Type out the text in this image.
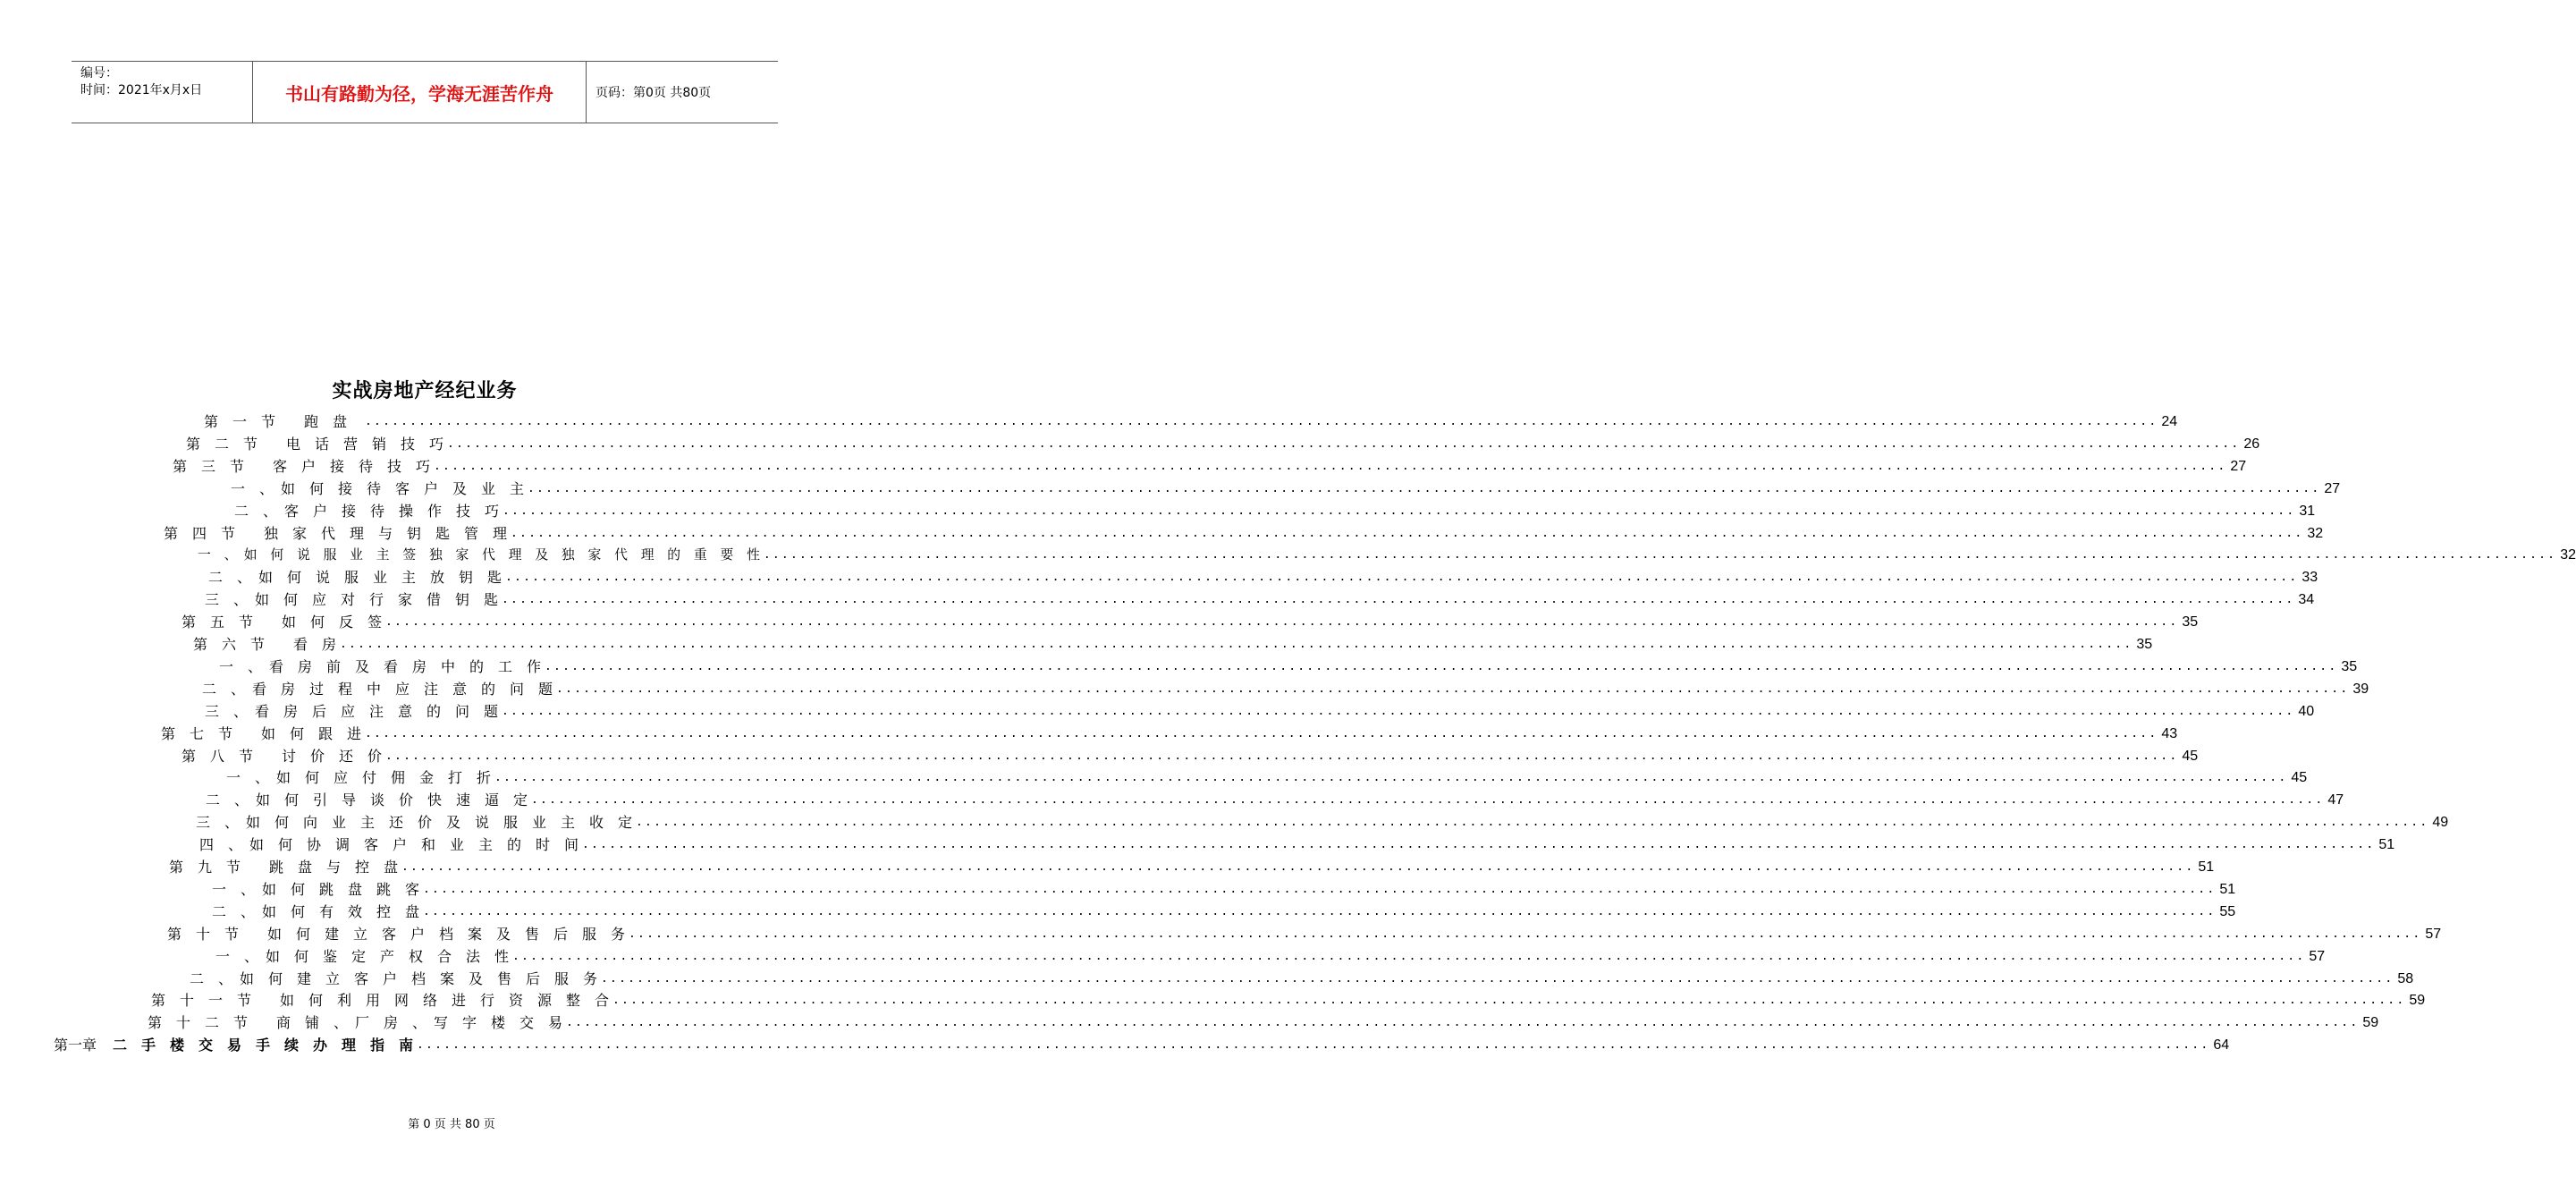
编号：
时间：2021年x月x日	书山有路勤为径，学海无涯苦作舟	页码：第0页 共80页
实战房地产经纪业务
第　一　节　　跑　盘　 ........................................................................................................................................................................................................ 24
第　二　节　　电　话　营　销　技　巧 ........................................................................................................................................................................................................ 26
第　三　节　　客　户　接　待　技　巧 ........................................................................................................................................................................................................ 27
一　、　如　何　接　待　客　户　及　业　主 ........................................................................................................................................................................................................ 27
二　、　客　户　接　待　操　作　技　巧 ........................................................................................................................................................................................................ 31
第　四　节　　独　家　代　理　与　钥　匙　管　理 ........................................................................................................................................................................................................ 32
一　、　如　何　说　服　业　主　签　独　家　代　理　及　独　家　代　理　的　重　要　性 ........................................................................................................................................................................................................ 32
二　、　如　何　说　服　业　主　放　钥　匙 ........................................................................................................................................................................................................ 33
三　、　如　何　应　对　行　家　借　钥　匙 ........................................................................................................................................................................................................ 34
第　五　节　　如　何　反　签 ........................................................................................................................................................................................................ 35
第　六　节　　看　房 ........................................................................................................................................................................................................ 35
一　、　看　房　前　及　看　房　中　的　工　作 ........................................................................................................................................................................................................ 35
二　、　看　房　过　程　中　应　注　意　的　问　题 ........................................................................................................................................................................................................ 39
三　、　看　房　后　应　注　意　的　问　题 ........................................................................................................................................................................................................ 40
第　七　节　　如　何　跟　进 ........................................................................................................................................................................................................ 43
第　八　节　　讨　价　还　价 ........................................................................................................................................................................................................ 45
一　、　如　何　应　付　佣　金　打　折 ........................................................................................................................................................................................................ 45
二　、　如　何　引　导　谈　价　快　速　逼　定 ........................................................................................................................................................................................................ 47
三　、　如　何　向　业　主　还　价　及　说　服　业　主　收　定 ........................................................................................................................................................................................................ 49
四　、　如　何　协　调　客　户　和　业　主　的　时　间 ........................................................................................................................................................................................................ 51
第　九　节　　跳　盘　与　控　盘 ........................................................................................................................................................................................................ 51
一　、　如　何　跳　盘　跳　客 ........................................................................................................................................................................................................ 51
二　、　如　何　有　效　控　盘 ........................................................................................................................................................................................................ 55
第　十　节　　如　何　建　立　客　户　档　案　及　售　后　服　务 ........................................................................................................................................................................................................ 57
一　、　如　何　鉴　定　产　权　合　法　性 ........................................................................................................................................................................................................ 57
二　、　如　何　建　立　客　户　档　案　及　售　后　服　务 ........................................................................................................................................................................................................ 58
第　十　一　节　　如　何　利　用　网　络　进　行　资　源　整　合 ........................................................................................................................................................................................................ 59
第　十　二　节　　商　铺　、　厂　房　、　写　字　楼　交　易 ........................................................................................................................................................................................................ 59
第一章 二　手　楼　交　易　手　续　办　理　指　南 ........................................................................................................................................................................................................ 64
第 0 页 共 80 页
